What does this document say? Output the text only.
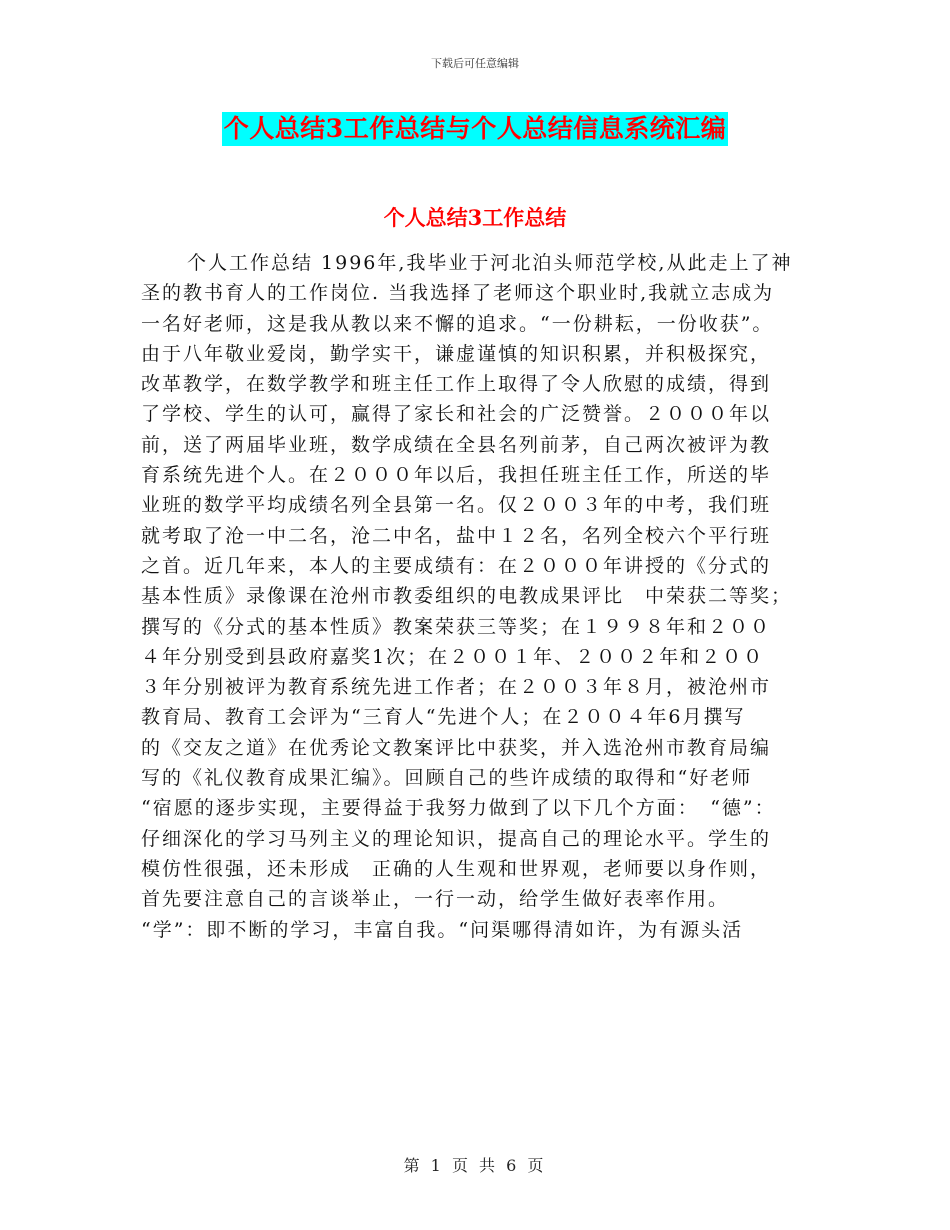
下载后可任意编辑
个人总结3工作总结与个人总结信息系统汇编
个人总结3工作总结
个人工作总结 1996年,我毕业于河北泊头师范学校,从此走上了神
圣的教书育人的工作岗位. 当我选择了老师这个职业时,我就立志成为
一名好老师，这是我从教以来不懈的追求。“一份耕耘，一份收获”。
由于八年敬业爱岗，勤学实干，谦虚谨慎的知识积累，并积极探究，
改革教学，在数学教学和班主任工作上取得了令人欣慰的成绩，得到
了学校、学生的认可，赢得了家长和社会的广泛赞誉。２０００年以
前，送了两届毕业班，数学成绩在全县名列前茅，自己两次被评为教
育系统先进个人。在２０００年以后，我担任班主任工作，所送的毕
业班的数学平均成绩名列全县第一名。仅２００３年的中考，我们班
就考取了沧一中二名，沧二中名，盐中１２名，名列全校六个平行班
之首。近几年来，本人的主要成绩有：在２０００年讲授的《分式的
基本性质》录像课在沧州市教委组织的电教成果评比　中荣获二等奖；
撰写的《分式的基本性质》教案荣获三等奖；在１９９８年和２００
４年分别受到县政府嘉奖1次；在２００１年、２００２年和２００
３年分别被评为教育系统先进工作者；在２００３年８月，被沧州市
教育局、教育工会评为“三育人“先进个人；在２００４年6月撰写
的《交友之道》在优秀论文教案评比中获奖，并入选沧州市教育局编
写的《礼仪教育成果汇编》。回顾自己的些许成绩的取得和“好老师
“宿愿的逐步实现，主要得益于我努力做到了以下几个方面：　“德”：
仔细深化的学习马列主义的理论知识，提高自己的理论水平。学生的
模仿性很强，还未形成　正确的人生观和世界观，老师要以身作则，
首先要注意自己的言谈举止，一行一动，给学生做好表率作用。
“学”：即不断的学习，丰富自我。“问渠哪得清如许，为有源头活
第 1 页 共 6 页
